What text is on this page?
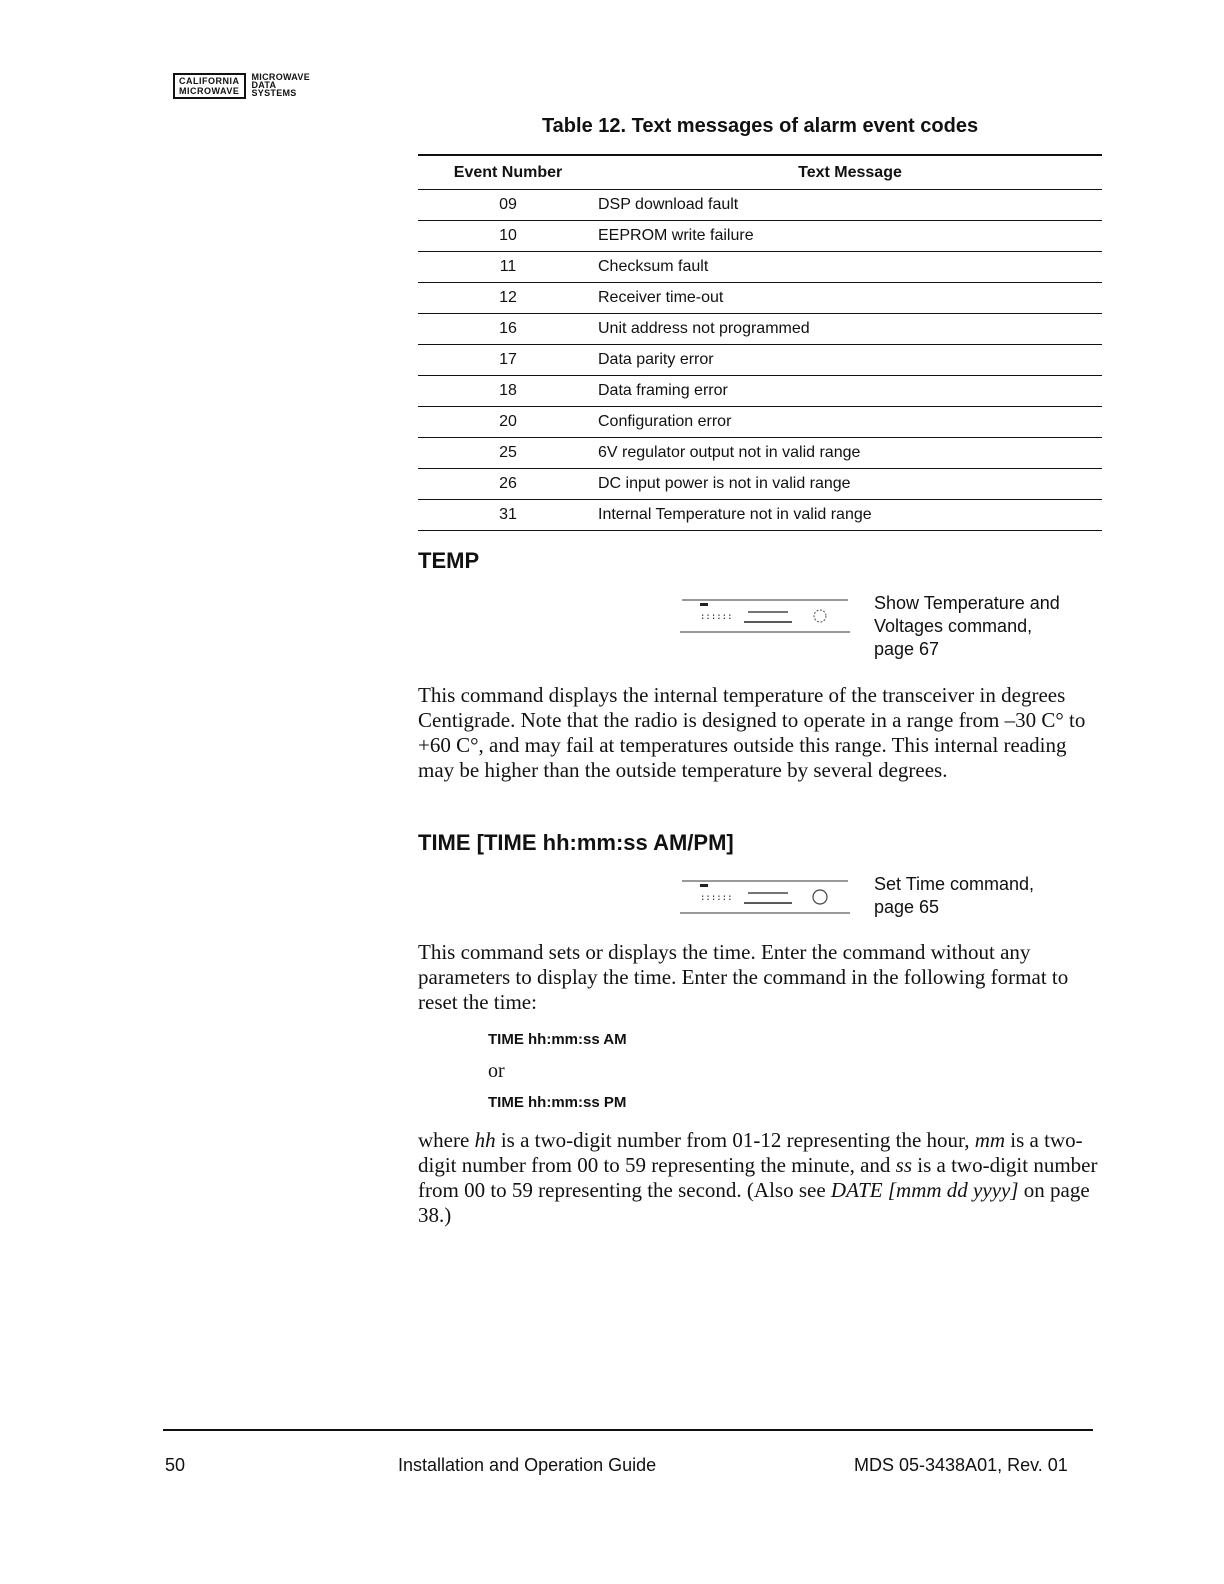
CALIFORNIA
MICROWAVE
MICROWAVE
DATA
SYSTEMS
Table 12. Text messages of alarm event codes
Event Number	Text Message
09	DSP download fault
10	EEPROM write failure
11	Checksum fault
12	Receiver time-out
16	Unit address not programmed
17	Data parity error
18	Data framing error
20	Configuration error
25	6V regulator output not in valid range
26	DC input power is not in valid range
31	Internal Temperature not in valid range
TEMP
::::::
Show Temperature and
Voltages command,
page 67
This command displays the internal temperature of the transceiver in degrees Centigrade. Note that the radio is designed to operate in a range from –30 C° to +60 C°, and may fail at temperatures outside this range. This internal reading may be higher than the outside temperature by several degrees.
TIME [TIME hh:mm:ss AM/PM]
::::::
Set Time command,
page 65
This command sets or displays the time. Enter the command without any parameters to display the time. Enter the command in the following format to reset the time:
TIME hh:mm:ss AM
or
TIME hh:mm:ss PM
where hh is a two-digit number from 01-12 representing the hour, mm is a two-digit number from 00 to 59 representing the minute, and ss is a two-digit number from 00 to 59 representing the second. (Also see DATE [mmm dd yyyy] on page 38.)
50	Installation and Operation Guide	MDS 05-3438A01, Rev. 01
